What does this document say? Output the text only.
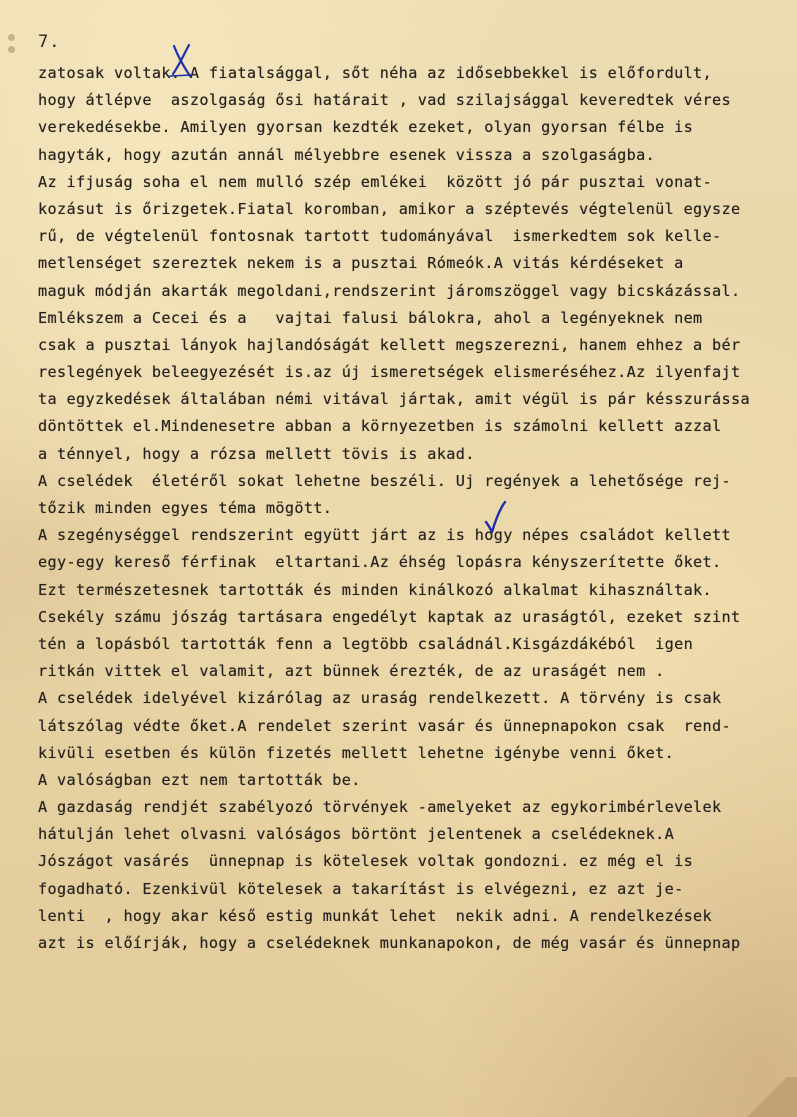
7.
zatosak voltak. A fiatalsággal, sőt néha az idősebbekkel is előfordult,
hogy átlépve  aszolgaság ősi határait , vad szilajsággal keveredtek véres
verekedésekbe. Amilyen gyorsan kezdték ezeket, olyan gyorsan félbe is
hagyták, hogy azután annál mélyebbre esenek vissza a szolgaságba.
Az ifjuság soha el nem mulló szép emlékei  között jó pár pusztai vonat-
kozásut is őrizgetek.Fiatal koromban, amikor a széptevés végtelenül egysze
rű, de végtelenül fontosnak tartott tudományával  ismerkedtem sok kelle-
metlenséget szereztek nekem is a pusztai Rómeók.A vitás kérdéseket a
maguk módján akarták megoldani,rendszerint járomszöggel vagy bicskázással.
Emlékszem a Cecei és a   vajtai falusi bálokra, ahol a legényeknek nem
csak a pusztai lányok hajlandóságát kellett megszerezni, hanem ehhez a bér
reslegények beleegyezését is.az új ismeretségek elismeréséhez.Az ilyenfajt
ta egyzkedések általában némi vitával jártak, amit végül is pár késszurássa
döntöttek el.Mindenesetre abban a környezetben is számolni kellett azzal
a ténnyel, hogy a rózsa mellett tövis is akad.
A cselédek  életéről sokat lehetne beszéli. Uj regények a lehetősége rej-
tőzik minden egyes téma mögött.
A szegénységgel rendszerint együtt járt az is hogy népes családot kellett
egy-egy kereső férfinak  eltartani.Az éhség lopásra kényszerítette őket.
Ezt természetesnek tartották és minden kinálkozó alkalmat kihasználtak.
Csekély számu jószág tartásara engedélyt kaptak az uraságtól, ezeket szint
tén a lopásból tartották fenn a legtöbb családnál.Kisgázdákéból  igen
ritkán vittek el valamit, azt bünnek érezték, de az uraságét nem .
A cselédek idelyével kizárólag az uraság rendelkezett. A törvény is csak
látszólag védte őket.A rendelet szerint vasár és ünnepnapokon csak  rend-
kivüli esetben és külön fizetés mellett lehetne igénybe venni őket.
A valóságban ezt nem tartották be.
A gazdaság rendjét szabélyozó törvények -amelyeket az egykorimbérlevelek
hátulján lehet olvasni valóságos börtönt jelentenek a cselédeknek.A
Jószágot vasárés  ünnepnap is kötelesek voltak gondozni. ez még el is
fogadható. Ezenkivül kötelesek a takarítást is elvégezni, ez azt je-
lenti  , hogy akar késő estig munkát lehet  nekik adni. A rendelkezések
azt is előírják, hogy a cselédeknek munkanapokon, de még vasár és ünnepnap
